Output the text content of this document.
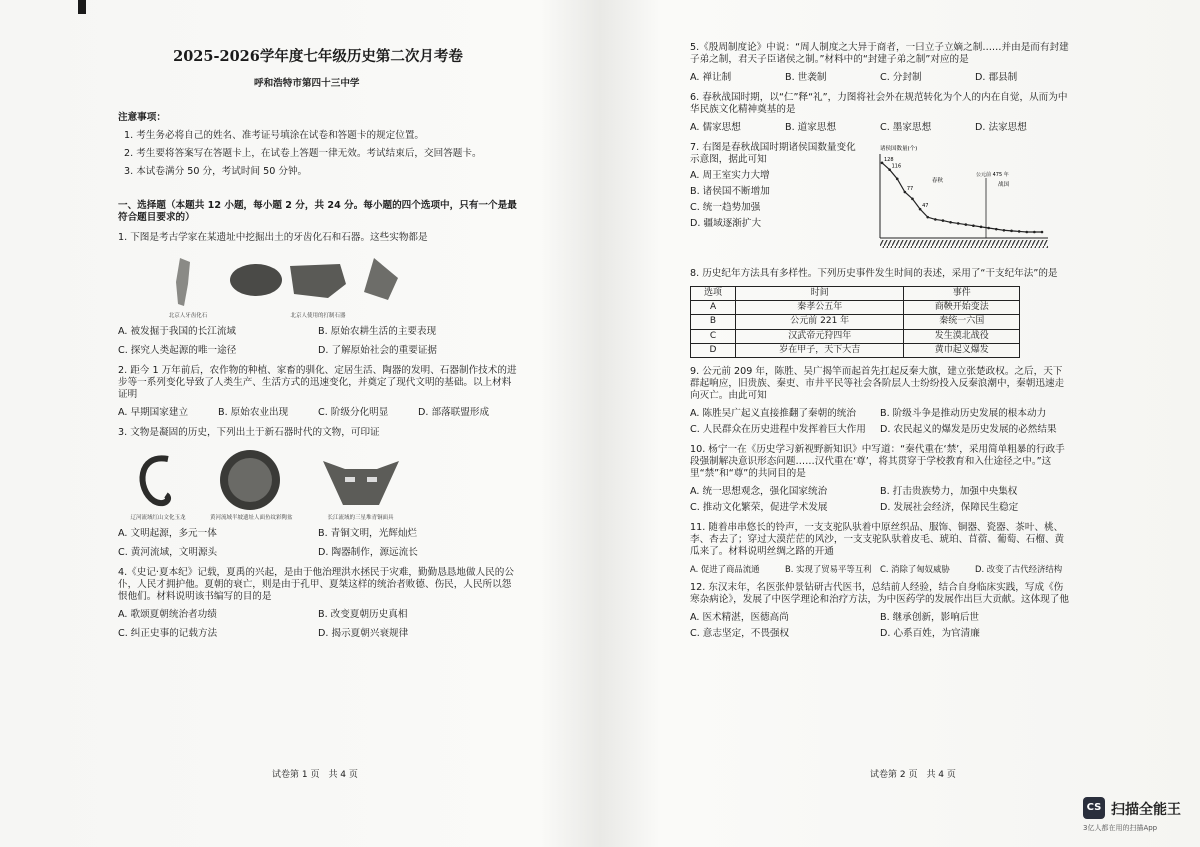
2025-2026学年度七年级历史第二次月考卷
呼和浩特市第四十三中学
注意事项：

1. 考生务必将自己的姓名、准考证号填涂在试卷和答题卡的规定位置。

2. 考生要将答案写在答题卡上，在试卷上答题一律无效。考试结束后，交回答题卡。

3. 本试卷满分 50 分，考试时间 50 分钟。

一、选择题（本题共 12 小题，每小题 2 分，共 24 分。每小题的四个选项中，只有一个是最符合题目要求的）
1. 下图是考古学家在某遗址中挖掘出土的牙齿化石和石器。这些实物都是
北京人牙齿化石	北京人使用的打制石器
A. 被发掘于我国的长江流域	B. 原始农耕生活的主要表现
C. 探究人类起源的唯一途径	D. 了解原始社会的重要证据
2. 距今 1 万年前后，农作物的种植、家畜的驯化、定居生活、陶器的发明、石器制作技术的进步等一系列变化导致了人类生产、生活方式的迅速变化，并奠定了现代文明的基础。以上材料证明
A. 早期国家建立	B. 原始农业出现	C. 阶级分化明显	D. 部落联盟形成
3. 文物是凝固的历史，下列出土于新石器时代的文物，可印证
辽河流域红山文化玉龙	黄河流域半坡遗址人面鱼纹彩陶盆	长江流域的三星堆青铜面具
A. 文明起源，多元一体	B. 青铜文明，光辉灿烂
C. 黄河流域，文明源头	D. 陶器制作，源远流长
4.《史记·夏本纪》记载，夏禹的兴起，是由于他治理洪水拯民于灾难，勤勤恳恳地做人民的公仆，人民才拥护他。夏朝的衰亡，则是由于孔甲、夏桀这样的统治者败德、伤民，人民所以怨恨他们。材料说明该书编写的目的是
A. 歌颂夏朝统治者功绩	B. 改变夏朝历史真相
C. 纠正史事的记载方法	D. 揭示夏朝兴衰规律
试卷第 1 页　共 4 页
5.《殷周制度论》中说：“周人制度之大异于商者，一曰立子立嫡之制……并由是而有封建子弟之制，君天子臣诸侯之制。”材料中的“封建子弟之制”对应的是
A. 禅让制	B. 世袭制	C. 分封制	D. 郡县制
6. 春秋战国时期，以“仁”释“礼”，力图将社会外在规范转化为个人的内在自觉，从而为中华民族文化精神奠基的是
A. 儒家思想	B. 道家思想	C. 墨家思想	D. 法家思想
7. 右图是春秋战国时期诸侯国数量变化示意图，据此可知
A. 周王室实力大增
B. 诸侯国不断增加
C. 统一趋势加强
D. 疆域逐渐扩大
诸侯国数量(个)
春秋
战国
公元前 475 年
128
116
77
47
8. 历史纪年方法具有多样性。下列历史事件发生时间的表述，采用了“干支纪年法”的是
选项	时间	事件
A	秦孝公五年	商鞅开始变法
B	公元前 221 年	秦统一六国
C	汉武帝元狩四年	发生漠北战役
D	岁在甲子，天下大吉	黄巾起义爆发
9. 公元前 209 年，陈胜、吴广揭竿而起首先扛起反秦大旗，建立张楚政权。之后，天下群起响应，旧贵族、秦吏、市井平民等社会各阶层人士纷纷投入反秦浪潮中，秦朝迅速走向灭亡。由此可知
A. 陈胜吴广起义直接推翻了秦朝的统治	B. 阶级斗争是推动历史发展的根本动力
C. 人民群众在历史进程中发挥着巨大作用	D. 农民起义的爆发是历史发展的必然结果
10. 杨宁一在《历史学习新视野新知识》中写道：“秦代重在‘禁’，采用简单粗暴的行政手段强制解决意识形态问题……汉代重在‘尊’，将其贯穿于学校教育和入仕途径之中。”这里“禁”和“尊”的共同目的是
A. 统一思想观念，强化国家统治	B. 打击贵族势力，加强中央集权
C. 推动文化繁荣，促进学术发展	D. 发展社会经济，保障民生稳定
11. 随着串串悠长的铃声，一支支驼队驮着中原丝织品、服饰、铜器、瓷器、茶叶、桃、李、杏去了；穿过大漠茫茫的风沙，一支支驼队驮着皮毛、琥珀、苜蓿、葡萄、石榴、黄瓜来了。材料说明丝绸之路的开通
A. 促进了商品流通	B. 实现了贸易平等互利	C. 消除了匈奴威胁	D. 改变了古代经济结构
12. 东汉末年，名医张仲景钻研古代医书，总结前人经验，结合自身临床实践，写成《伤寒杂病论》，发展了中医学理论和治疗方法，为中医药学的发展作出巨大贡献。这体现了他
A. 医术精湛，医德高尚	B. 继承创新，影响后世
C. 意志坚定，不畏强权	D. 心系百姓，为官清廉
试卷第 2 页　共 4 页
CS 扫描全能王
3亿人都在用的扫描App
